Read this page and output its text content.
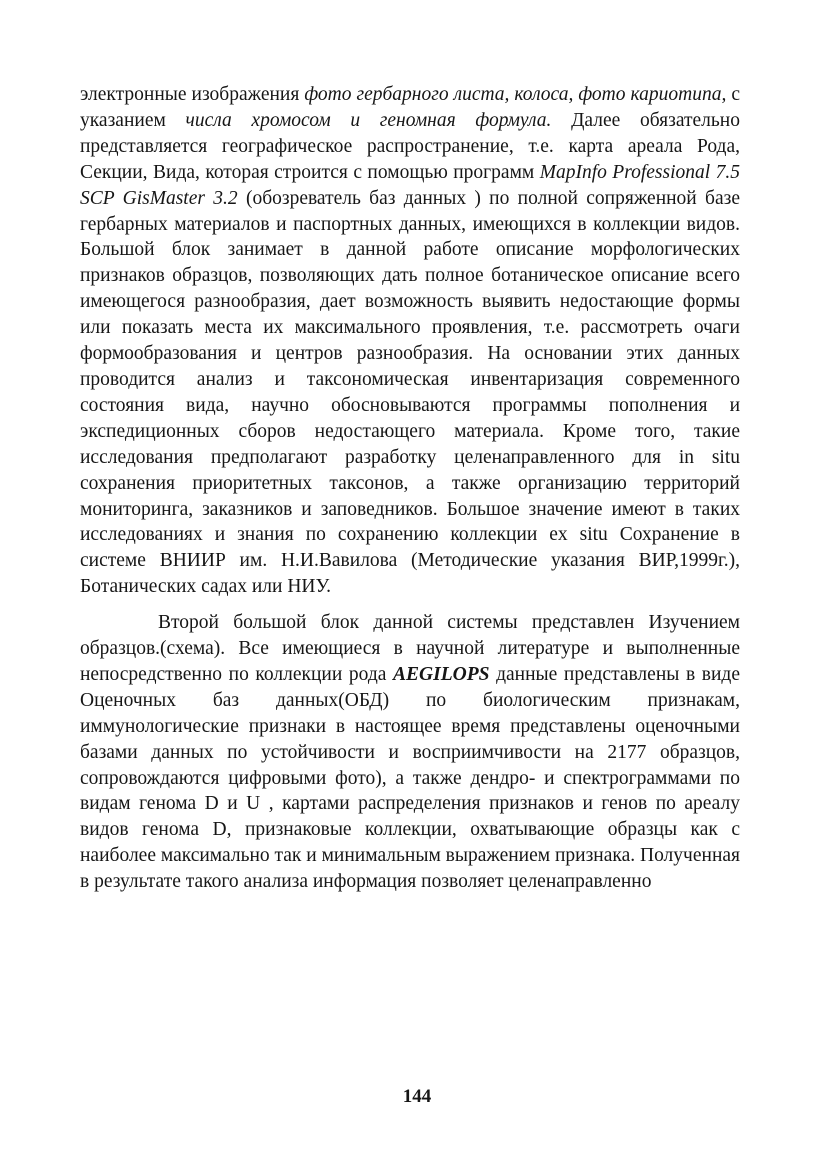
электронные изображения фото гербарного листа, колоса, фото кариотипа, с указанием числа хромосом и геномная формула. Далее обязательно представляется географическое распространение, т.е. карта ареала Рода, Секции, Вида, которая строится с помощью программ MapInfo Professional 7.5 SCP GisMaster 3.2 (обозреватель баз данных ) по полной сопряженной базе гербарных материалов и паспортных данных, имеющихся в коллекции видов. Большой блок занимает в данной работе описание морфологических признаков образцов, позволяющих дать полное ботаническое описание всего имеющегося разнообразия, дает возможность выявить недостающие формы или показать места их максимального проявления, т.е. рассмотреть очаги формообразования и центров разнообразия. На основании этих данных проводится анализ и таксономическая инвентаризация современного состояния вида, научно обосновываются программы пополнения и экспедиционных сборов недостающего материала. Кроме того, такие исследования предполагают разработку целенаправленного для in situ сохранения приоритетных таксонов, а также организацию территорий мониторинга, заказников и заповедников. Большое значение имеют в таких исследованиях и знания по сохранению коллекции ex situ Сохранение в системе ВНИИР им. Н.И.Вавилова (Методические указания ВИР,1999г.), Ботанических садах или НИУ.

Второй большой блок данной системы представлен Изучением образцов.(схема). Все имеющиеся в научной литературе и выполненные непосредственно по коллекции рода AEGILOPS данные представлены в виде Оценочных баз данных(ОБД) по биологическим признакам, иммунологические признаки в настоящее время представлены оценочными базами данных по устойчивости и восприимчивости на 2177 образцов, сопровождаются цифровыми фото), а также дендро- и спектрограммами по видам генома D и U , картами распределения признаков и генов по ареалу видов генома D, признаковые коллекции, охватывающие образцы как с наиболее максимально так и минимальным выражением признака. Полученная в результате такого анализа информация позволяет целенаправленно

144
